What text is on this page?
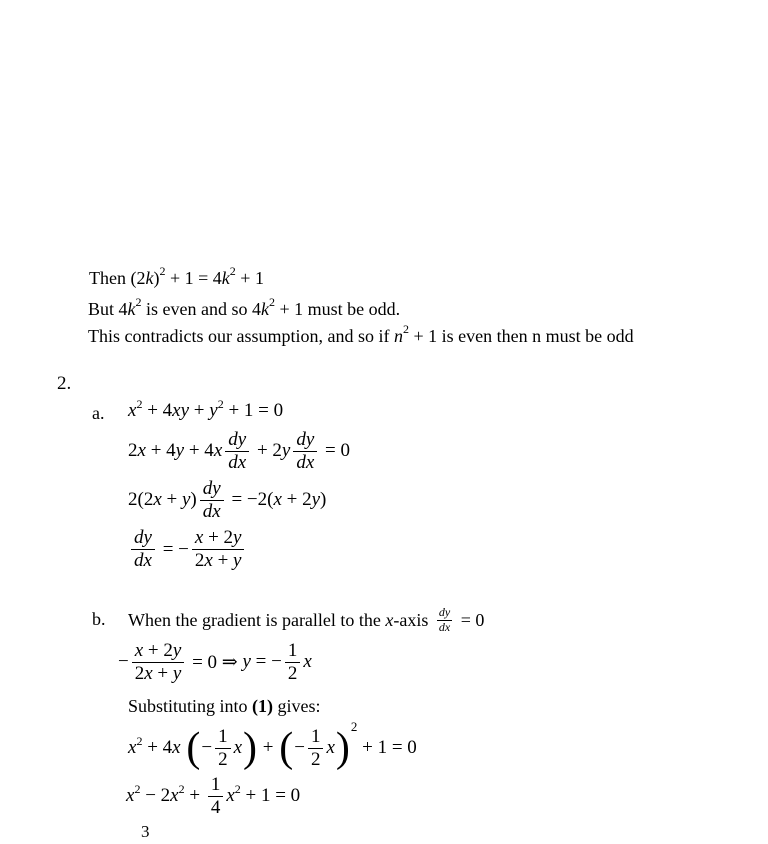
Then (2 k ) 2 + 1 = 4 k 2 + 1
But 4 k 2 is even and so 4 k 2 + 1 must be odd.
This contradicts our assumption, and so if n 2 + 1 is even then n must be odd
2.
a. x 2 + 4 xy + y 2 + 1 = 0
2 x + 4 y + 4 x $\frac{dy}{dx} + 2$ y $\frac{dy}{dx} = 0$
2(2 x + y ) $\frac{dy}{dx} = -2$( x + 2 y )
$\frac{dy}{dx}$ = − $\frac{x + 2y}{2x + y}$
b. When the gradient is parallel to the x -axis $\frac{dy}{dx} = 0$
− $\frac{x + 2y}{2x + y} = 0$ ⇒ y = − $\frac{1}{2}$ x
Substituting into (1) gives:
x 2 + 4 x
( − $\frac{1}{2}$ x ) + ( − $\frac{1}{2}$ x ) 2
+ 1 = 0
x 2 − 2 x $2 + \frac{1}{4}$ x 2 + 1 = 0
3
